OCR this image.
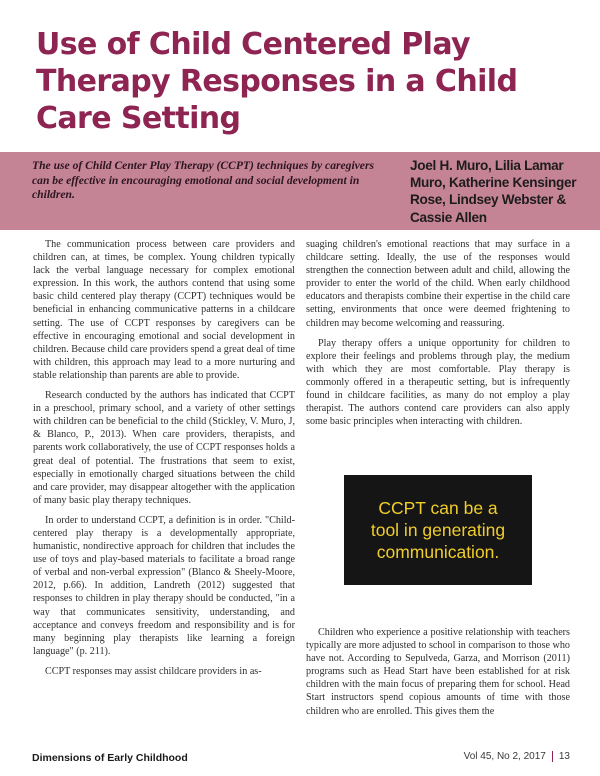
Use of Child Centered Play
Therapy Responses in a Child
Care Setting
The use of Child Center Play Therapy (CCPT) techniques by caregivers can be effective in encouraging emotional and social development in children.
Joel H. Muro, Lilia Lamar Muro, Katherine Kensinger Rose, Lindsey Webster & Cassie Allen

The communication process between care providers and children can, at times, be complex. Young children typically lack the verbal language necessary for complex emotional expression. In this work, the authors contend that using some basic child centered play therapy (CCPT) techniques would be beneficial in enhancing communicative patterns in a childcare setting. The use of CCPT responses by caregivers can be effective in encouraging emotional and social development in children. Because child care providers spend a great deal of time with children, this approach may lead to a more nurturing and stable relationship than parents are able to provide.

Research conducted by the authors has indicated that CCPT in a preschool, primary school, and a variety of other settings with children can be beneficial to the child (Stickley, V. Muro, J, & Blanco, P., 2013). When care providers, therapists, and parents work collaboratively, the use of CCPT responses holds a great deal of potential. The frustrations that seem to exist, especially in emotionally charged situations between the child and care provider, may disappear altogether with the application of many basic play therapy techniques.

In order to understand CCPT, a definition is in order. "Child-centered play therapy is a developmentally appropriate, humanistic, nondirective approach for children that includes the use of toys and play-based materials to facilitate a broad range of verbal and non-verbal expression" (Blanco & Sheely-Moore, 2012, p.66). In addition, Landreth (2012) suggested that responses to children in play therapy should be conducted, "in a way that communicates sensitivity, understanding, and acceptance and conveys freedom and responsibility and is for many beginning play therapists like learning a foreign language" (p. 211).

CCPT responses may assist childcare providers in as-

suaging children's emotional reactions that may surface in a childcare setting. Ideally, the use of the responses would strengthen the connection between adult and child, allowing the provider to enter the world of the child. When early childhood educators and therapists combine their expertise in the child care setting, environments that once were deemed frightening to children may become welcoming and reassuring.

Play therapy offers a unique opportunity for children to explore their feelings and problems through play, the medium with which they are most comfortable. Play therapy is commonly offered in a therapeutic setting, but is infrequently found in childcare facilities, as many do not employ a play therapist. The authors contend care providers can also apply some basic principles when interacting with children.

CCPT can be a
tool in generating
communication.

Children who experience a positive relationship with teachers typically are more adjusted to school in comparison to those who have not. According to Sepulveda, Garza, and Morrison (2011) programs such as Head Start have been established for at risk children with the main focus of preparing them for school. Head Start instructors spend copious amounts of time with those children who are enrolled. This gives them the

Dimensions of Early Childhood	Vol 45, No 2, 2017 13
